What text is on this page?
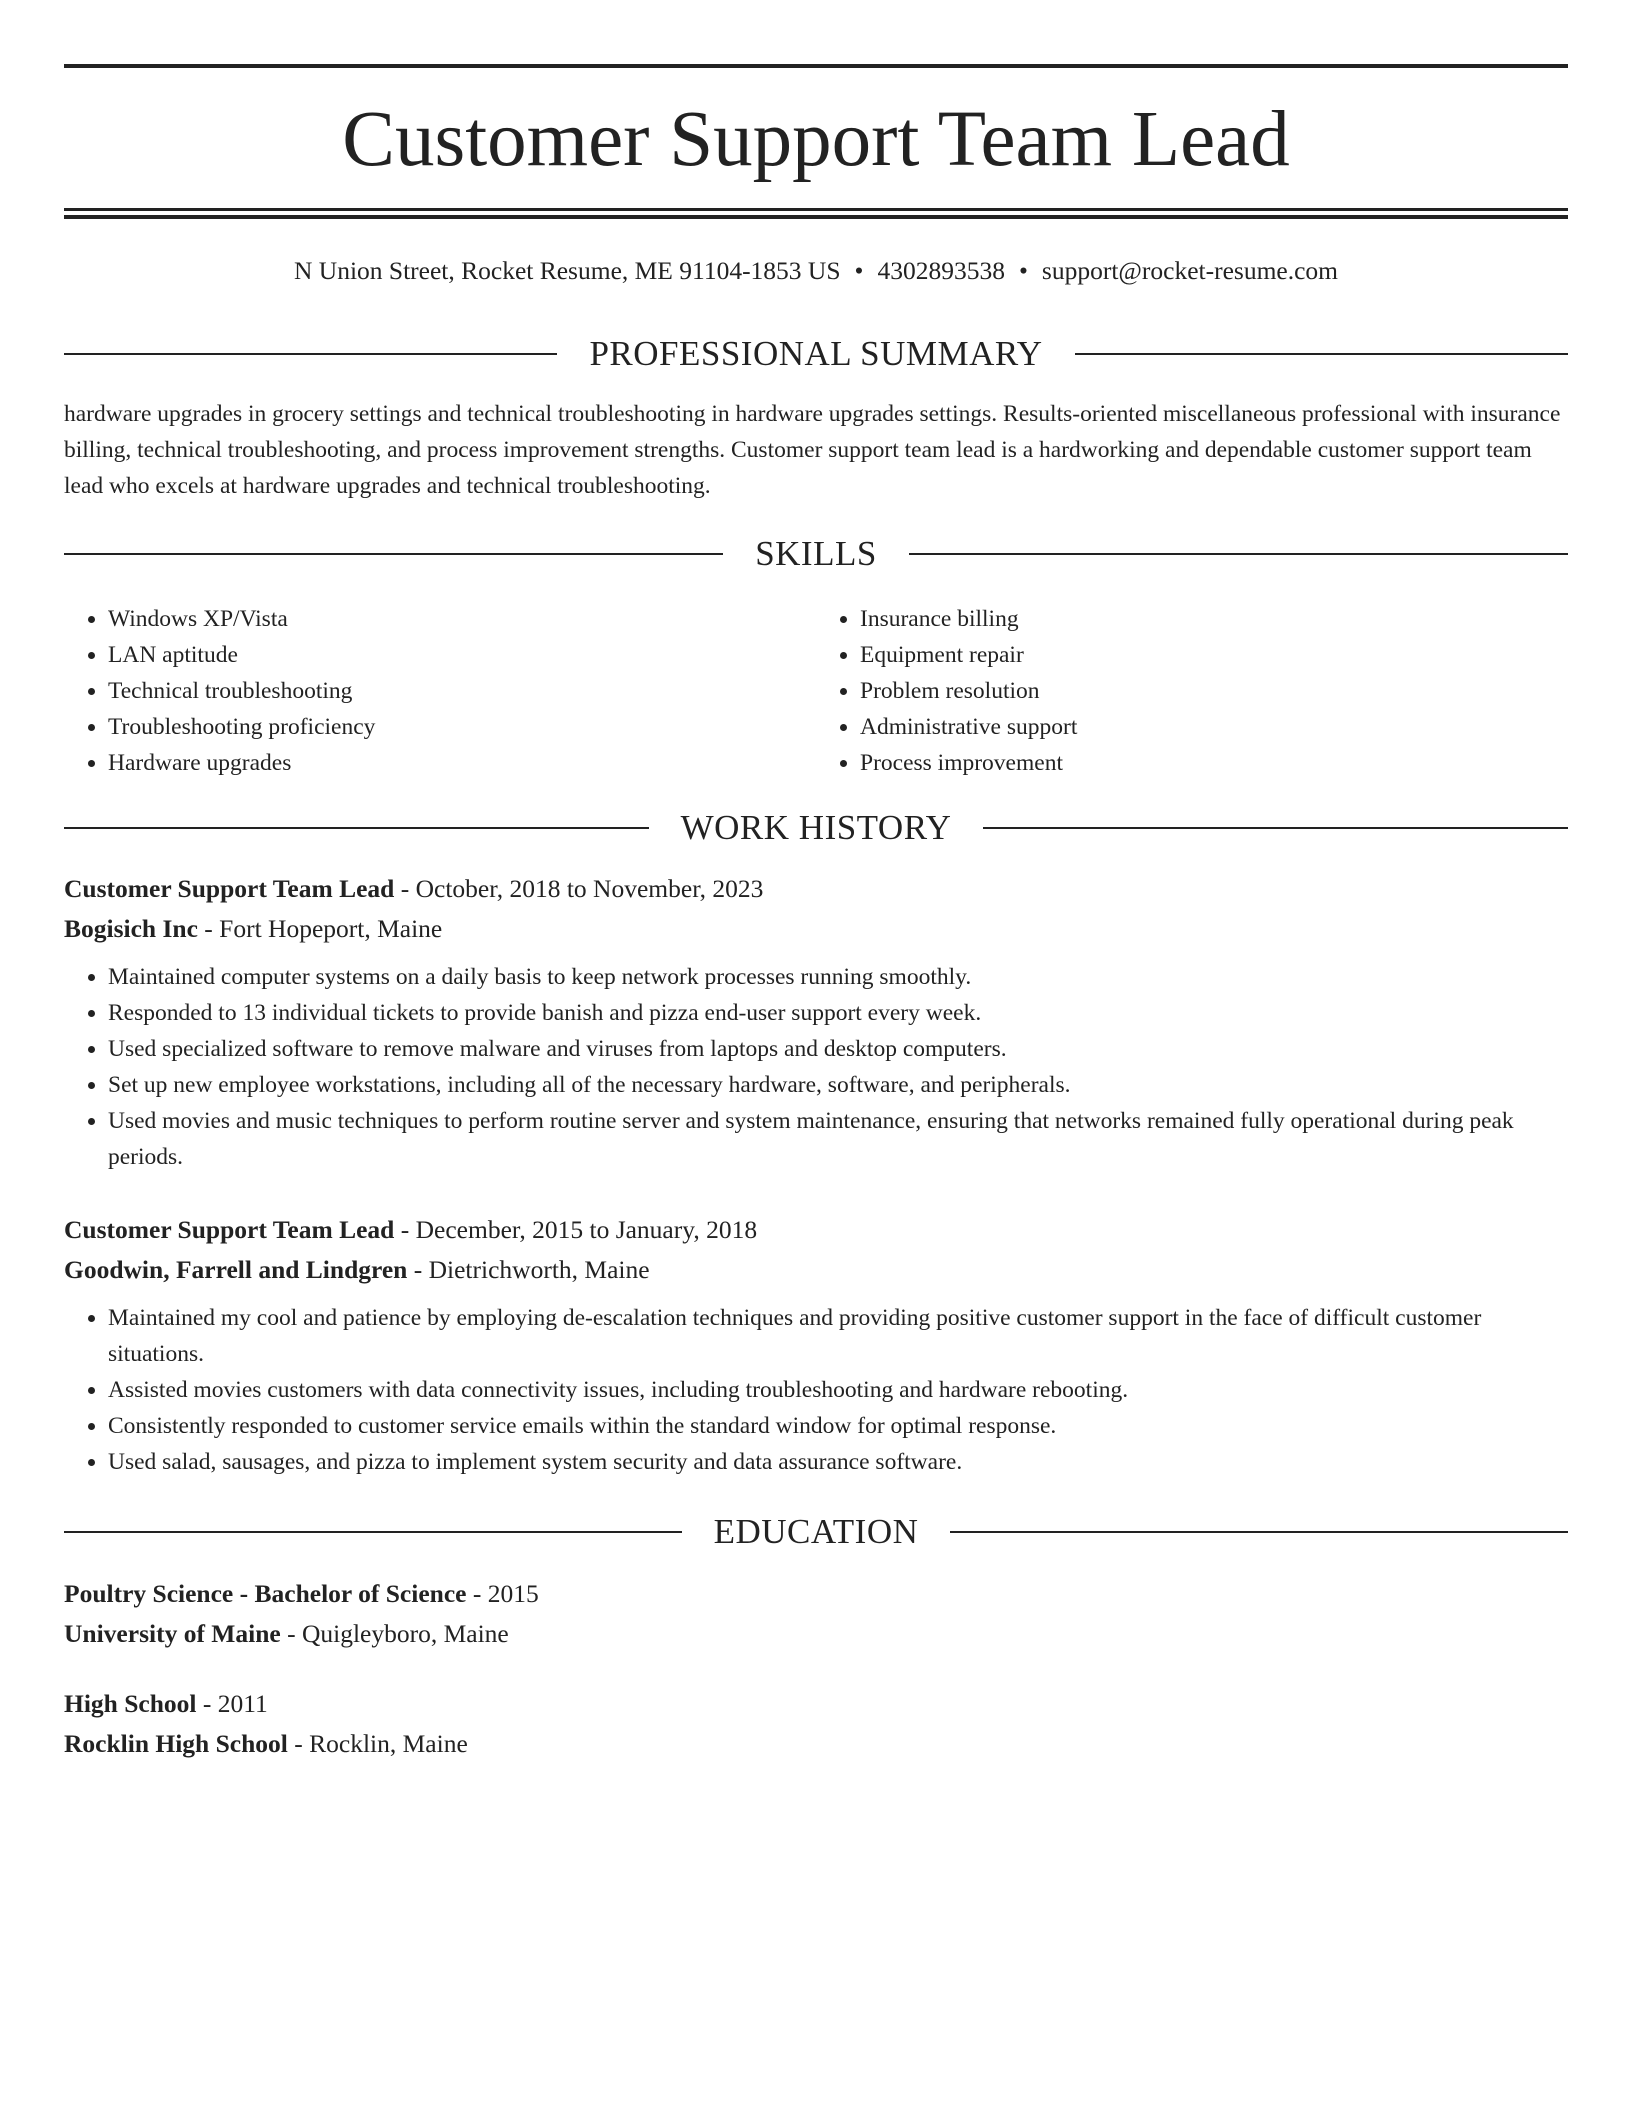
Customer Support Team Lead
N Union Street, Rocket Resume, ME 91104-1853 US • 4302893538 • support@rocket-resume.com
PROFESSIONAL SUMMARY
hardware upgrades in grocery settings and technical troubleshooting in hardware upgrades settings. Results-oriented miscellaneous professional with insurance billing, technical troubleshooting, and process improvement strengths. Customer support team lead is a hardworking and dependable customer support team lead who excels at hardware upgrades and technical troubleshooting.
SKILLS
• Windows XP/Vista
• LAN aptitude
• Technical troubleshooting
• Troubleshooting proficiency
• Hardware upgrades
• Insurance billing
• Equipment repair
• Problem resolution
• Administrative support
• Process improvement
WORK HISTORY
Customer Support Team Lead - October, 2018 to November, 2023
Bogisich Inc - Fort Hopeport, Maine
• Maintained computer systems on a daily basis to keep network processes running smoothly.
• Responded to 13 individual tickets to provide banish and pizza end-user support every week.
• Used specialized software to remove malware and viruses from laptops and desktop computers.
• Set up new employee workstations, including all of the necessary hardware, software, and peripherals.
• Used movies and music techniques to perform routine server and system maintenance, ensuring that networks remained fully operational during peak periods.
Customer Support Team Lead - December, 2015 to January, 2018
Goodwin, Farrell and Lindgren - Dietrichworth, Maine
• Maintained my cool and patience by employing de-escalation techniques and providing positive customer support in the face of difficult customer situations.
• Assisted movies customers with data connectivity issues, including troubleshooting and hardware rebooting.
• Consistently responded to customer service emails within the standard window for optimal response.
• Used salad, sausages, and pizza to implement system security and data assurance software.
EDUCATION
Poultry Science - Bachelor of Science - 2015
University of Maine - Quigleyboro, Maine
High School - 2011
Rocklin High School - Rocklin, Maine
